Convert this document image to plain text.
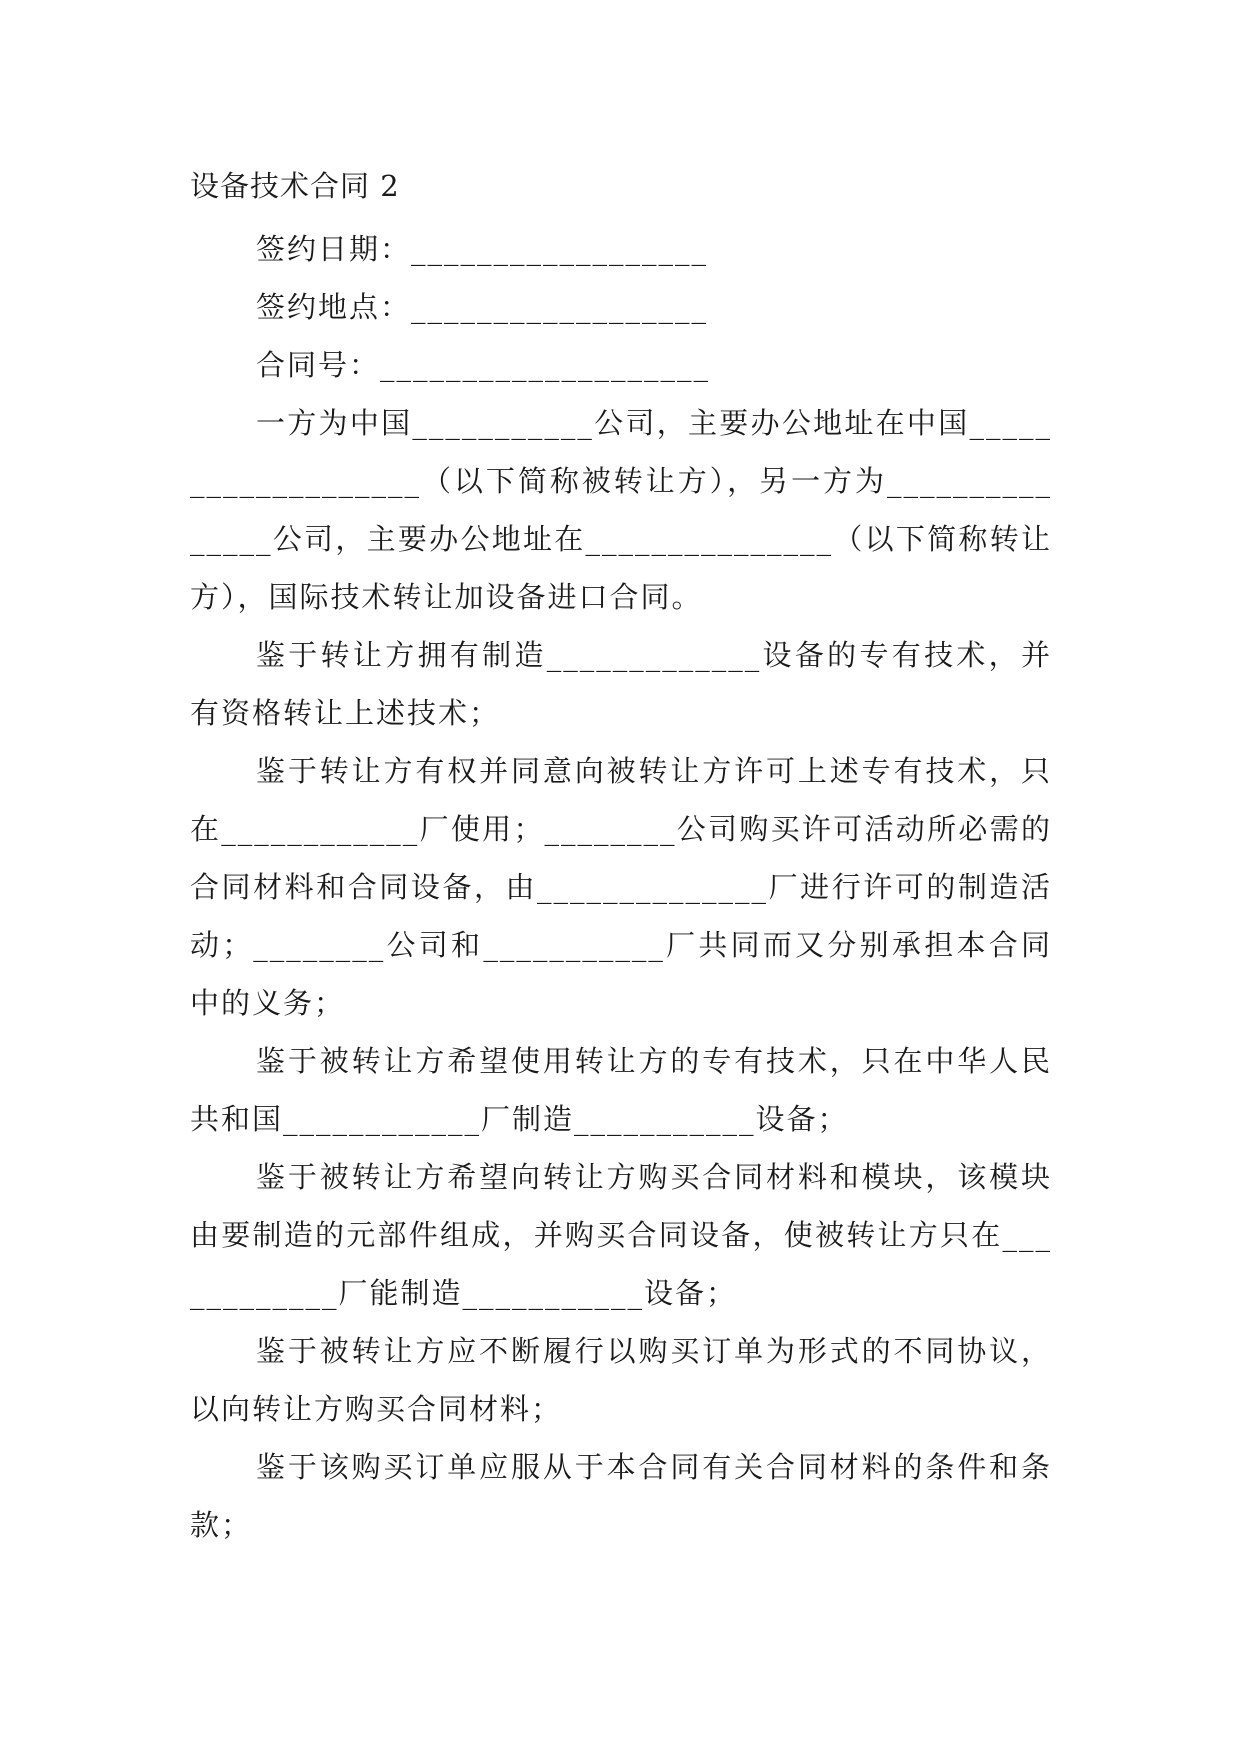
设备技术合同 2
签约日期：__________________
签约地点：__________________
合同号：____________________

一方为中国___________公司，主要办公地址在中国___________________（以下简称被转让方），另一方为_______________公司，主要办公地址在_______________（以下简称转让方），国际技术转让加设备进口合同。

鉴于转让方拥有制造_____________设备的专有技术，并有资格转让上述技术；

鉴于转让方有权并同意向被转让方许可上述专有技术，只在____________厂使用；________公司购买许可活动所必需的合同材料和合同设备，由______________厂进行许可的制造活动；________公司和___________厂共同而又分别承担本合同中的义务；

鉴于被转让方希望使用转让方的专有技术，只在中华人民共和国____________厂制造___________设备；

鉴于被转让方希望向转让方购买合同材料和模块，该模块由要制造的元部件组成，并购买合同设备，使被转让方只在____________厂能制造___________设备；

鉴于被转让方应不断履行以购买订单为形式的不同协议，以向转让方购买合同材料；

鉴于该购买订单应服从于本合同有关合同材料的条件和条款；
